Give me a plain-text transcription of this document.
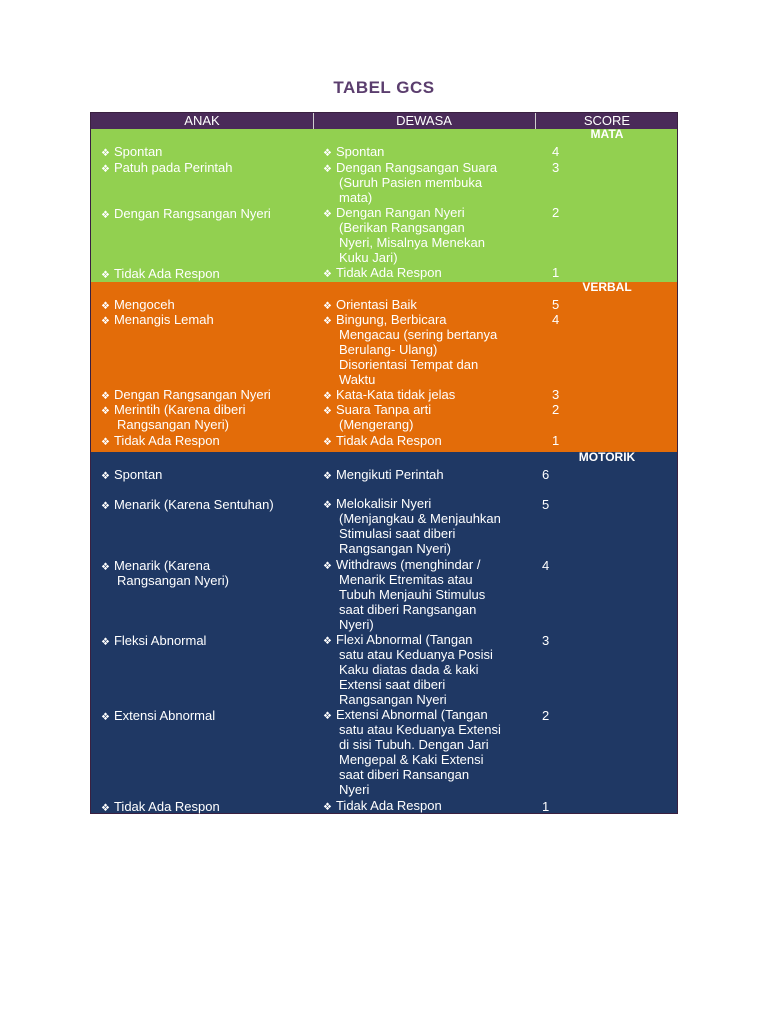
TABEL GCS
ANAK	DEWASA	SCORE
MATA
❖ Spontan
❖ Patuh pada Perintah
❖ Dengan Rangsangan Nyeri
❖ Tidak Ada Respon
❖ Spontan
❖ Dengan Rangsangan Suara
(Suruh Pasien membuka
mata)
❖ Dengan Rangan Nyeri
(Berikan Rangsangan
Nyeri, Misalnya Menekan
Kuku Jari)
❖ Tidak Ada Respon
4
3
2
1
VERBAL
❖ Mengoceh
❖ Menangis Lemah
❖ Dengan Rangsangan Nyeri
❖ Merintih (Karena diberi
Rangsangan Nyeri)
❖ Tidak Ada Respon
❖ Orientasi Baik
❖ Bingung, Berbicara
Mengacau (sering bertanya
Berulang- Ulang)
Disorientasi Tempat dan
Waktu
❖ Kata-Kata tidak jelas
❖ Suara Tanpa arti
(Mengerang)
❖ Tidak Ada Respon
5
4
3
2
1
MOTORIK
❖ Spontan
❖ Menarik (Karena Sentuhan)
❖ Menarik (Karena
Rangsangan Nyeri)
❖ Fleksi Abnormal
❖ Extensi Abnormal
❖ Tidak Ada Respon
❖ Mengikuti Perintah
❖ Melokalisir Nyeri
(Menjangkau & Menjauhkan
Stimulasi saat diberi
Rangsangan Nyeri)
❖ Withdraws (menghindar /
Menarik Etremitas atau
Tubuh Menjauhi Stimulus
saat diberi Rangsangan
Nyeri)
❖ Flexi Abnormal (Tangan
satu atau Keduanya Posisi
Kaku diatas dada & kaki
Extensi saat diberi
Rangsangan Nyeri
❖ Extensi Abnormal (Tangan
satu atau Keduanya Extensi
di sisi Tubuh. Dengan Jari
Mengepal & Kaki Extensi
saat diberi Ransangan
Nyeri
❖ Tidak Ada Respon
6
5
4
3
2
1
